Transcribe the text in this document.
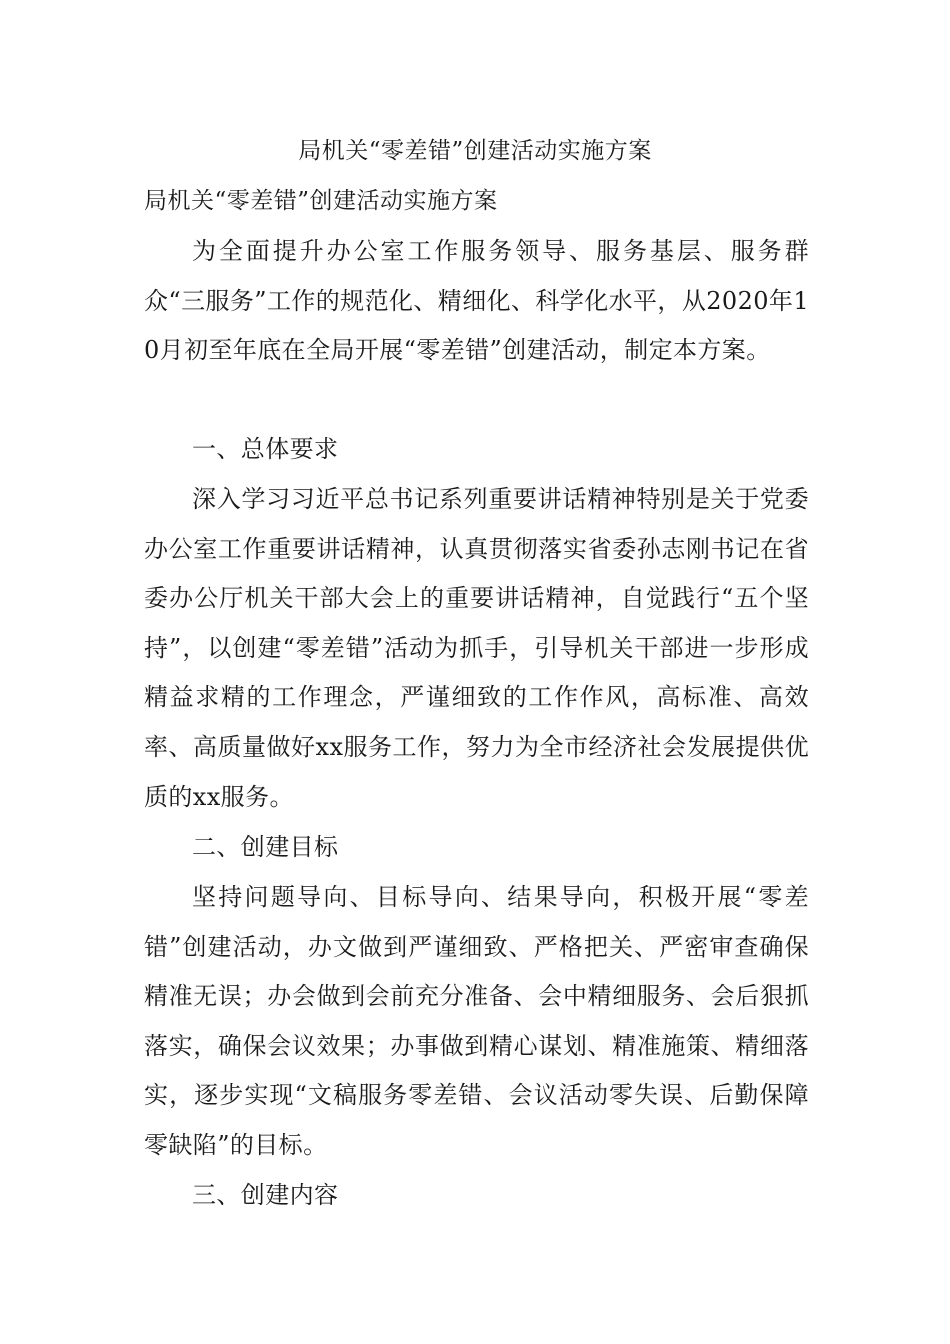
局机关“零差错”创建活动实施方案

局机关“零差错”创建活动实施方案

为全面提升办公室工作服务领导、服务基层、服务群众“三服务”工作的规范化、精细化、科学化水平，从2020年10月初至年底在全局开展“零差错”创建活动，制定本方案。

一、总体要求

深入学习习近平总书记系列重要讲话精神特别是关于党委办公室工作重要讲话精神，认真贯彻落实省委孙志刚书记在省委办公厅机关干部大会上的重要讲话精神，自觉践行“五个坚持”，以创建“零差错”活动为抓手，引导机关干部进一步形成精益求精的工作理念，严谨细致的工作作风，高标准、高效率、高质量做好xx服务工作，努力为全市经济社会发展提供优质的xx服务。

二、创建目标

坚持问题导向、目标导向、结果导向，积极开展“零差错”创建活动，办文做到严谨细致、严格把关、严密审查确保精准无误；办会做到会前充分准备、会中精细服务、会后狠抓落实，确保会议效果；办事做到精心谋划、精准施策、精细落实，逐步实现“文稿服务零差错、会议活动零失误、后勤保障零缺陷”的目标。

三、创建内容
